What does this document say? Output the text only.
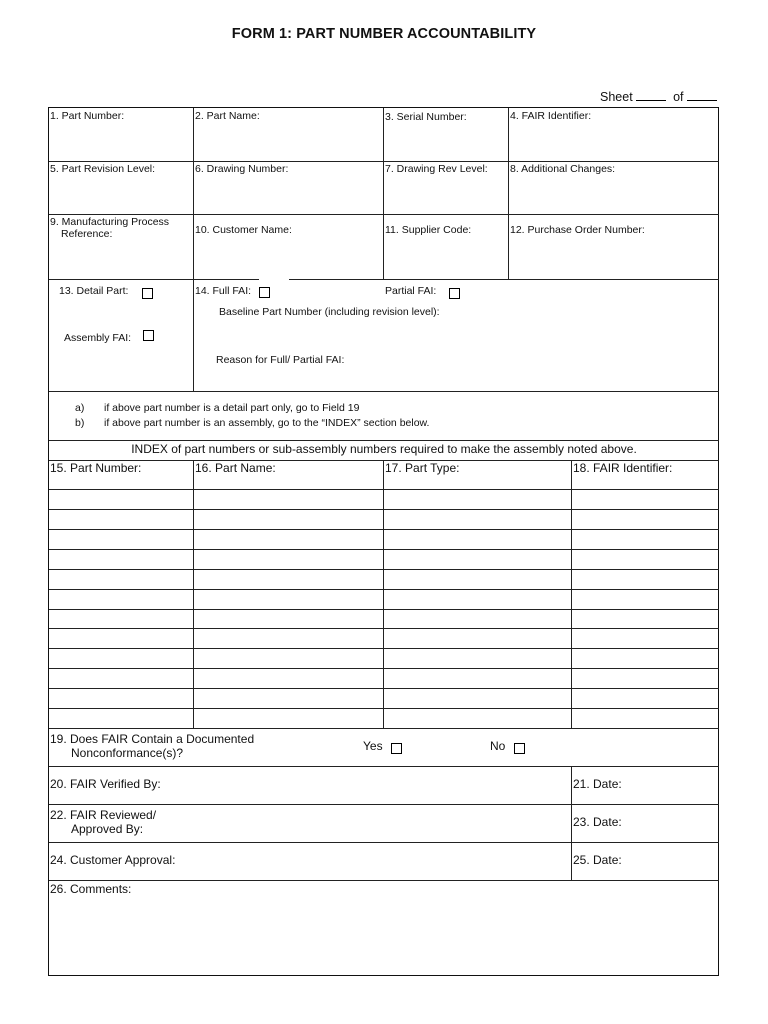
FORM 1: PART NUMBER ACCOUNTABILITY
Sheet	of
1. Part Number:	2. Part Name:	3. Serial Number:	4. FAIR Identifier:
5. Part Revision Level:	6. Drawing Number:	7. Drawing Rev Level: 8. Additional Changes:
9. Manufacturing Process
Reference:	10. Customer Name:	11. Supplier Code:	12. Purchase Order Number:
13. Detail Part:
Assembly FAI:
14. Full FAI:	Partial FAI:
Baseline Part Number (including revision level):
Reason for Full/ Partial FAI:
a) if above part number is a detail part only, go to Field 19
b) if above part number is an assembly, go to the “INDEX” section below.
INDEX of part numbers or sub-assembly numbers required to make the assembly noted above.
15. Part Number:	16. Part Name:	17. Part Type:	18. FAIR Identifier:
19. Does FAIR Contain a Documented
Nonconformance(s)?	Yes	No
20. FAIR Verified By:	21. Date:
22. FAIR Reviewed/
Approved By:	23. Date:
24. Customer Approval:	25. Date:
26. Comments:
